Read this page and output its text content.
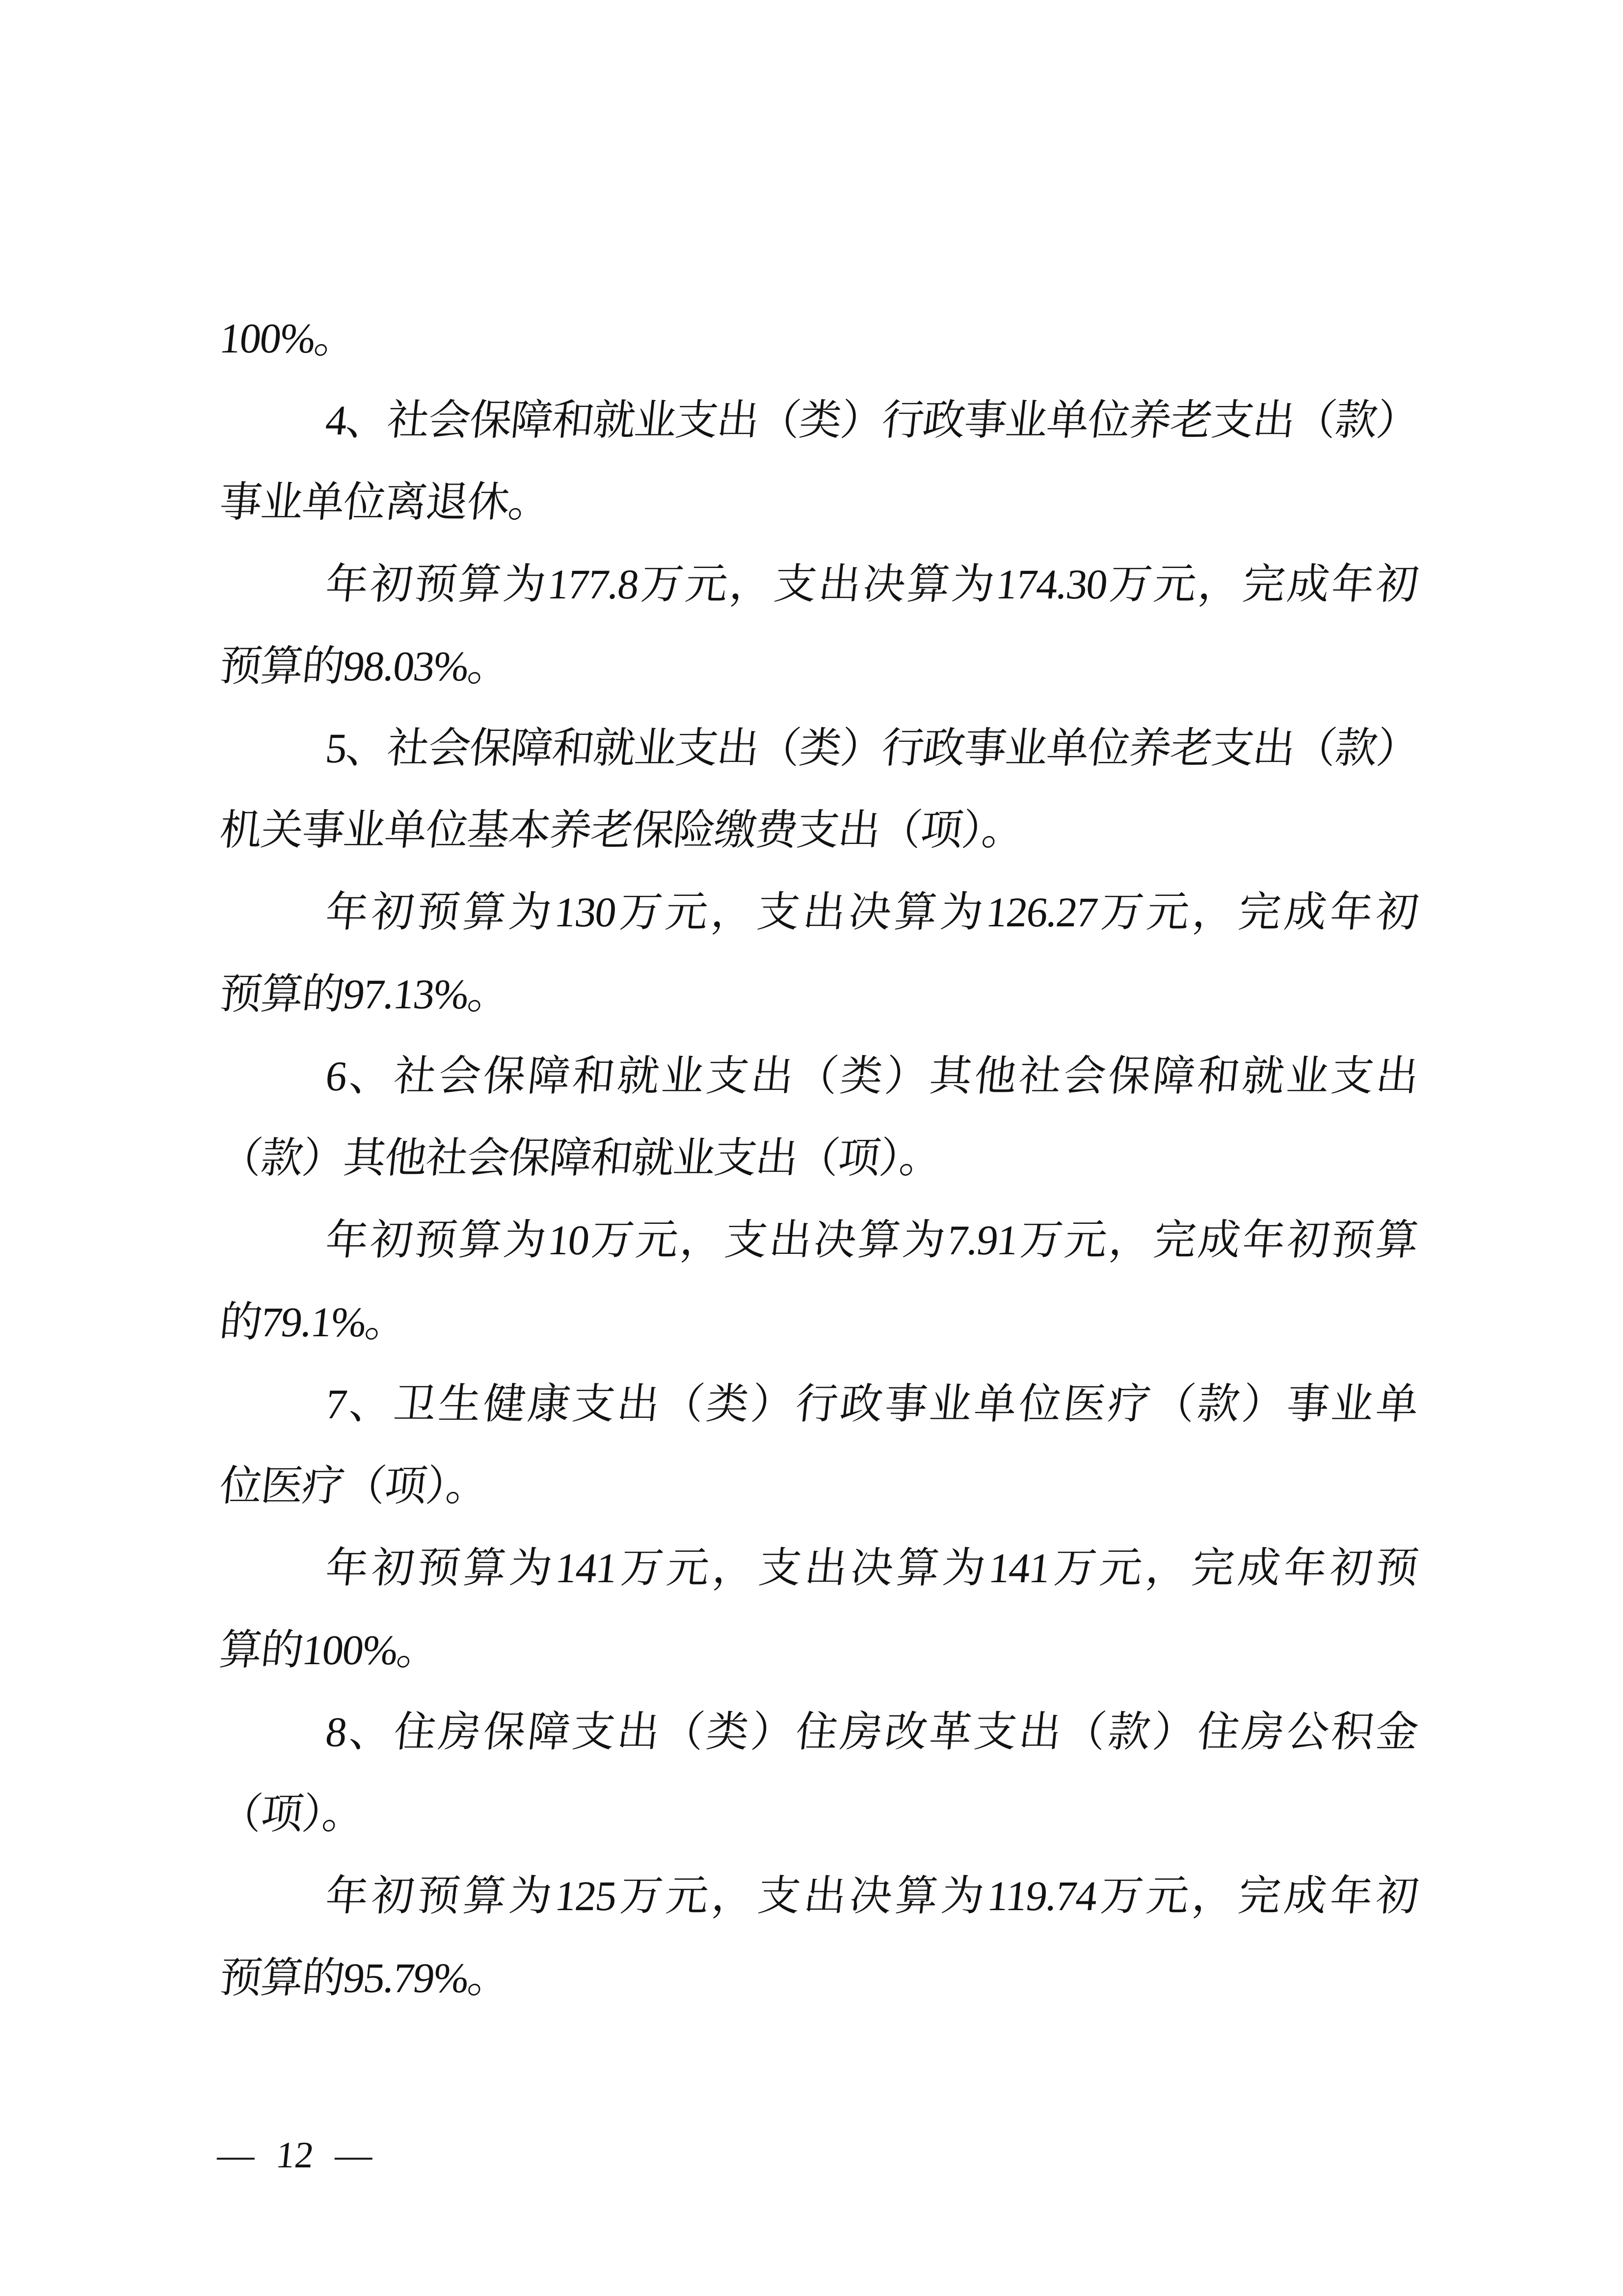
100%。
4、社会保障和就业支出（类）行政事业单位养老支出（款）
事业单位离退休。
年初预算为177.8万元，支出决算为174.30万元，完成年初
预算的98.03%。
5、社会保障和就业支出（类）行政事业单位养老支出（款）
机关事业单位基本养老保险缴费支出（项）。
年初预算为130万元，支出决算为126.27万元，完成年初
预算的97.13%。
6、社会保障和就业支出（类）其他社会保障和就业支出
（款）其他社会保障和就业支出（项）。
年初预算为10万元，支出决算为7.91万元，完成年初预算
的79.1%。
7、卫生健康支出（类）行政事业单位医疗（款）事业单
位医疗（项）。
年初预算为141万元，支出决算为141万元，完成年初预
算的100%。
8、住房保障支出（类）住房改革支出（款）住房公积金
（项）。
年初预算为125万元，支出决算为119.74万元，完成年初
预算的95.79%。
— 12 —
